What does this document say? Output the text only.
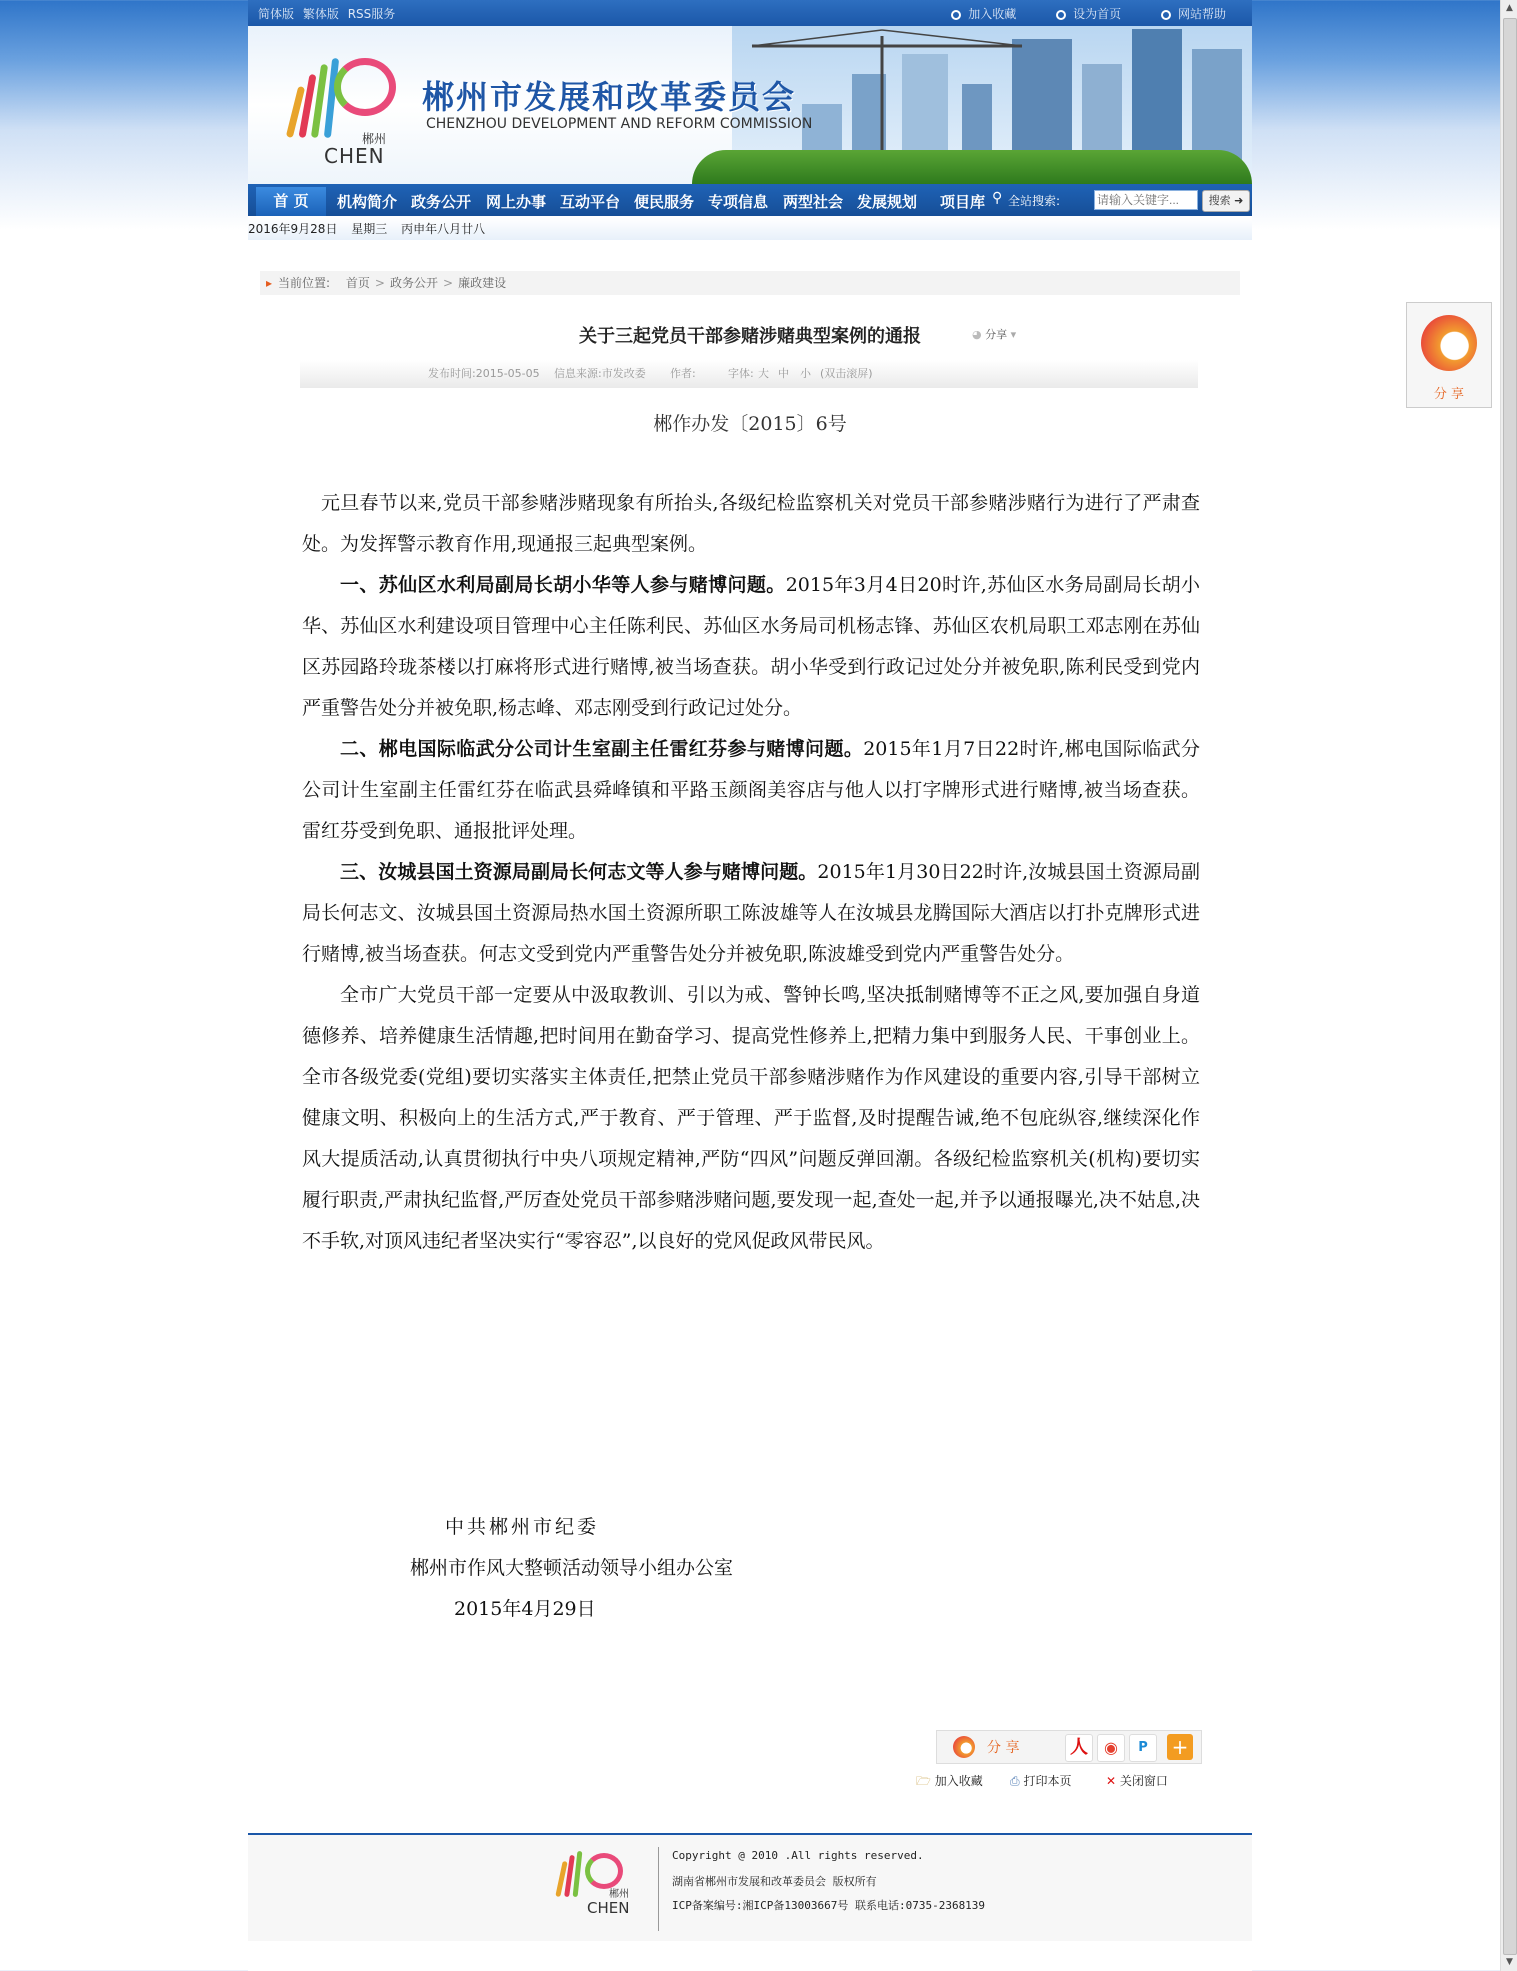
简体版 繁体版 RSS服务	加入收藏	设为首页	网站帮助
郴州
CHEN
郴州市发展和改革委员会
CHENZHOU DEVELOPMENT AND REFORM COMMISSION
首 页	机构简介 政务公开 网上办事 互动平台 便民服务 专项信息 两型社会 发展规划 项目库 ⚲ 全站搜索:
请输入关键字...	搜索 ➜
2016年9月28日 星期三 丙申年八月廿八
▸ 当前位置: 首页 > 政务公开 > 廉政建设
关于三起党员干部参赌涉赌典型案例的通报	◕ 分享 ▾
发布时间:2015-05-05 信息来源:市发改委 作者:	字体: 大 中 小 (双击滚屏)
郴作办发〔2015〕6号

元旦春节以来,党员干部参赌涉赌现象有所抬头,各级纪检监察机关对党员干部参赌涉赌行为进行了严肃查处。为发挥警示教育作用,现通报三起典型案例。

一、苏仙区水利局副局长胡小华等人参与赌博问题。2015年3月4日20时许,苏仙区水务局副局长胡小华、苏仙区水利建设项目管理中心主任陈利民、苏仙区水务局司机杨志锋、苏仙区农机局职工邓志刚在苏仙区苏园路玲珑茶楼以打麻将形式进行赌博,被当场查获。胡小华受到行政记过处分并被免职,陈利民受到党内严重警告处分并被免职,杨志峰、邓志刚受到行政记过处分。

二、郴电国际临武分公司计生室副主任雷红芬参与赌博问题。2015年1月7日22时许,郴电国际临武分公司计生室副主任雷红芬在临武县舜峰镇和平路玉颜阁美容店与他人以打字牌形式进行赌博,被当场查获。雷红芬受到免职、通报批评处理。

三、汝城县国土资源局副局长何志文等人参与赌博问题。2015年1月30日22时许,汝城县国土资源局副局长何志文、汝城县国土资源局热水国土资源所职工陈波雄等人在汝城县龙腾国际大酒店以打扑克牌形式进行赌博,被当场查获。何志文受到党内严重警告处分并被免职,陈波雄受到党内严重警告处分。

全市广大党员干部一定要从中汲取教训、引以为戒、警钟长鸣,坚决抵制赌博等不正之风,要加强自身道德修养、培养健康生活情趣,把时间用在勤奋学习、提高党性修养上,把精力集中到服务人民、干事创业上。全市各级党委(党组)要切实落实主体责任,把禁止党员干部参赌涉赌作为作风建设的重要内容,引导干部树立健康文明、积极向上的生活方式,严于教育、严于管理、严于监督,及时提醒告诫,绝不包庇纵容,继续深化作风大提质活动,认真贯彻执行中央八项规定精神,严防“四风”问题反弹回潮。各级纪检监察机关(机构)要切实履行职责,严肃执纪监督,严厉查处党员干部参赌涉赌问题,要发现一起,查处一起,并予以通报曝光,决不姑息,决不手软,对顶风违纪者坚决实行“零容忍”,以良好的党风促政风带民风。

中共郴州市纪委
郴州市作风大整顿活动领导小组办公室
2015年4月29日
分 享	人	◉	P	+
🗁 加入收藏 ⎙ 打印本页	✕ 关闭窗口
郴州
CHEN
Copyright @ 2010 .All rights reserved.
湖南省郴州市发展和改革委员会 版权所有
ICP备案编号:湘ICP备13003667号 联系电话:0735-2368139
分 享
▲
▼
